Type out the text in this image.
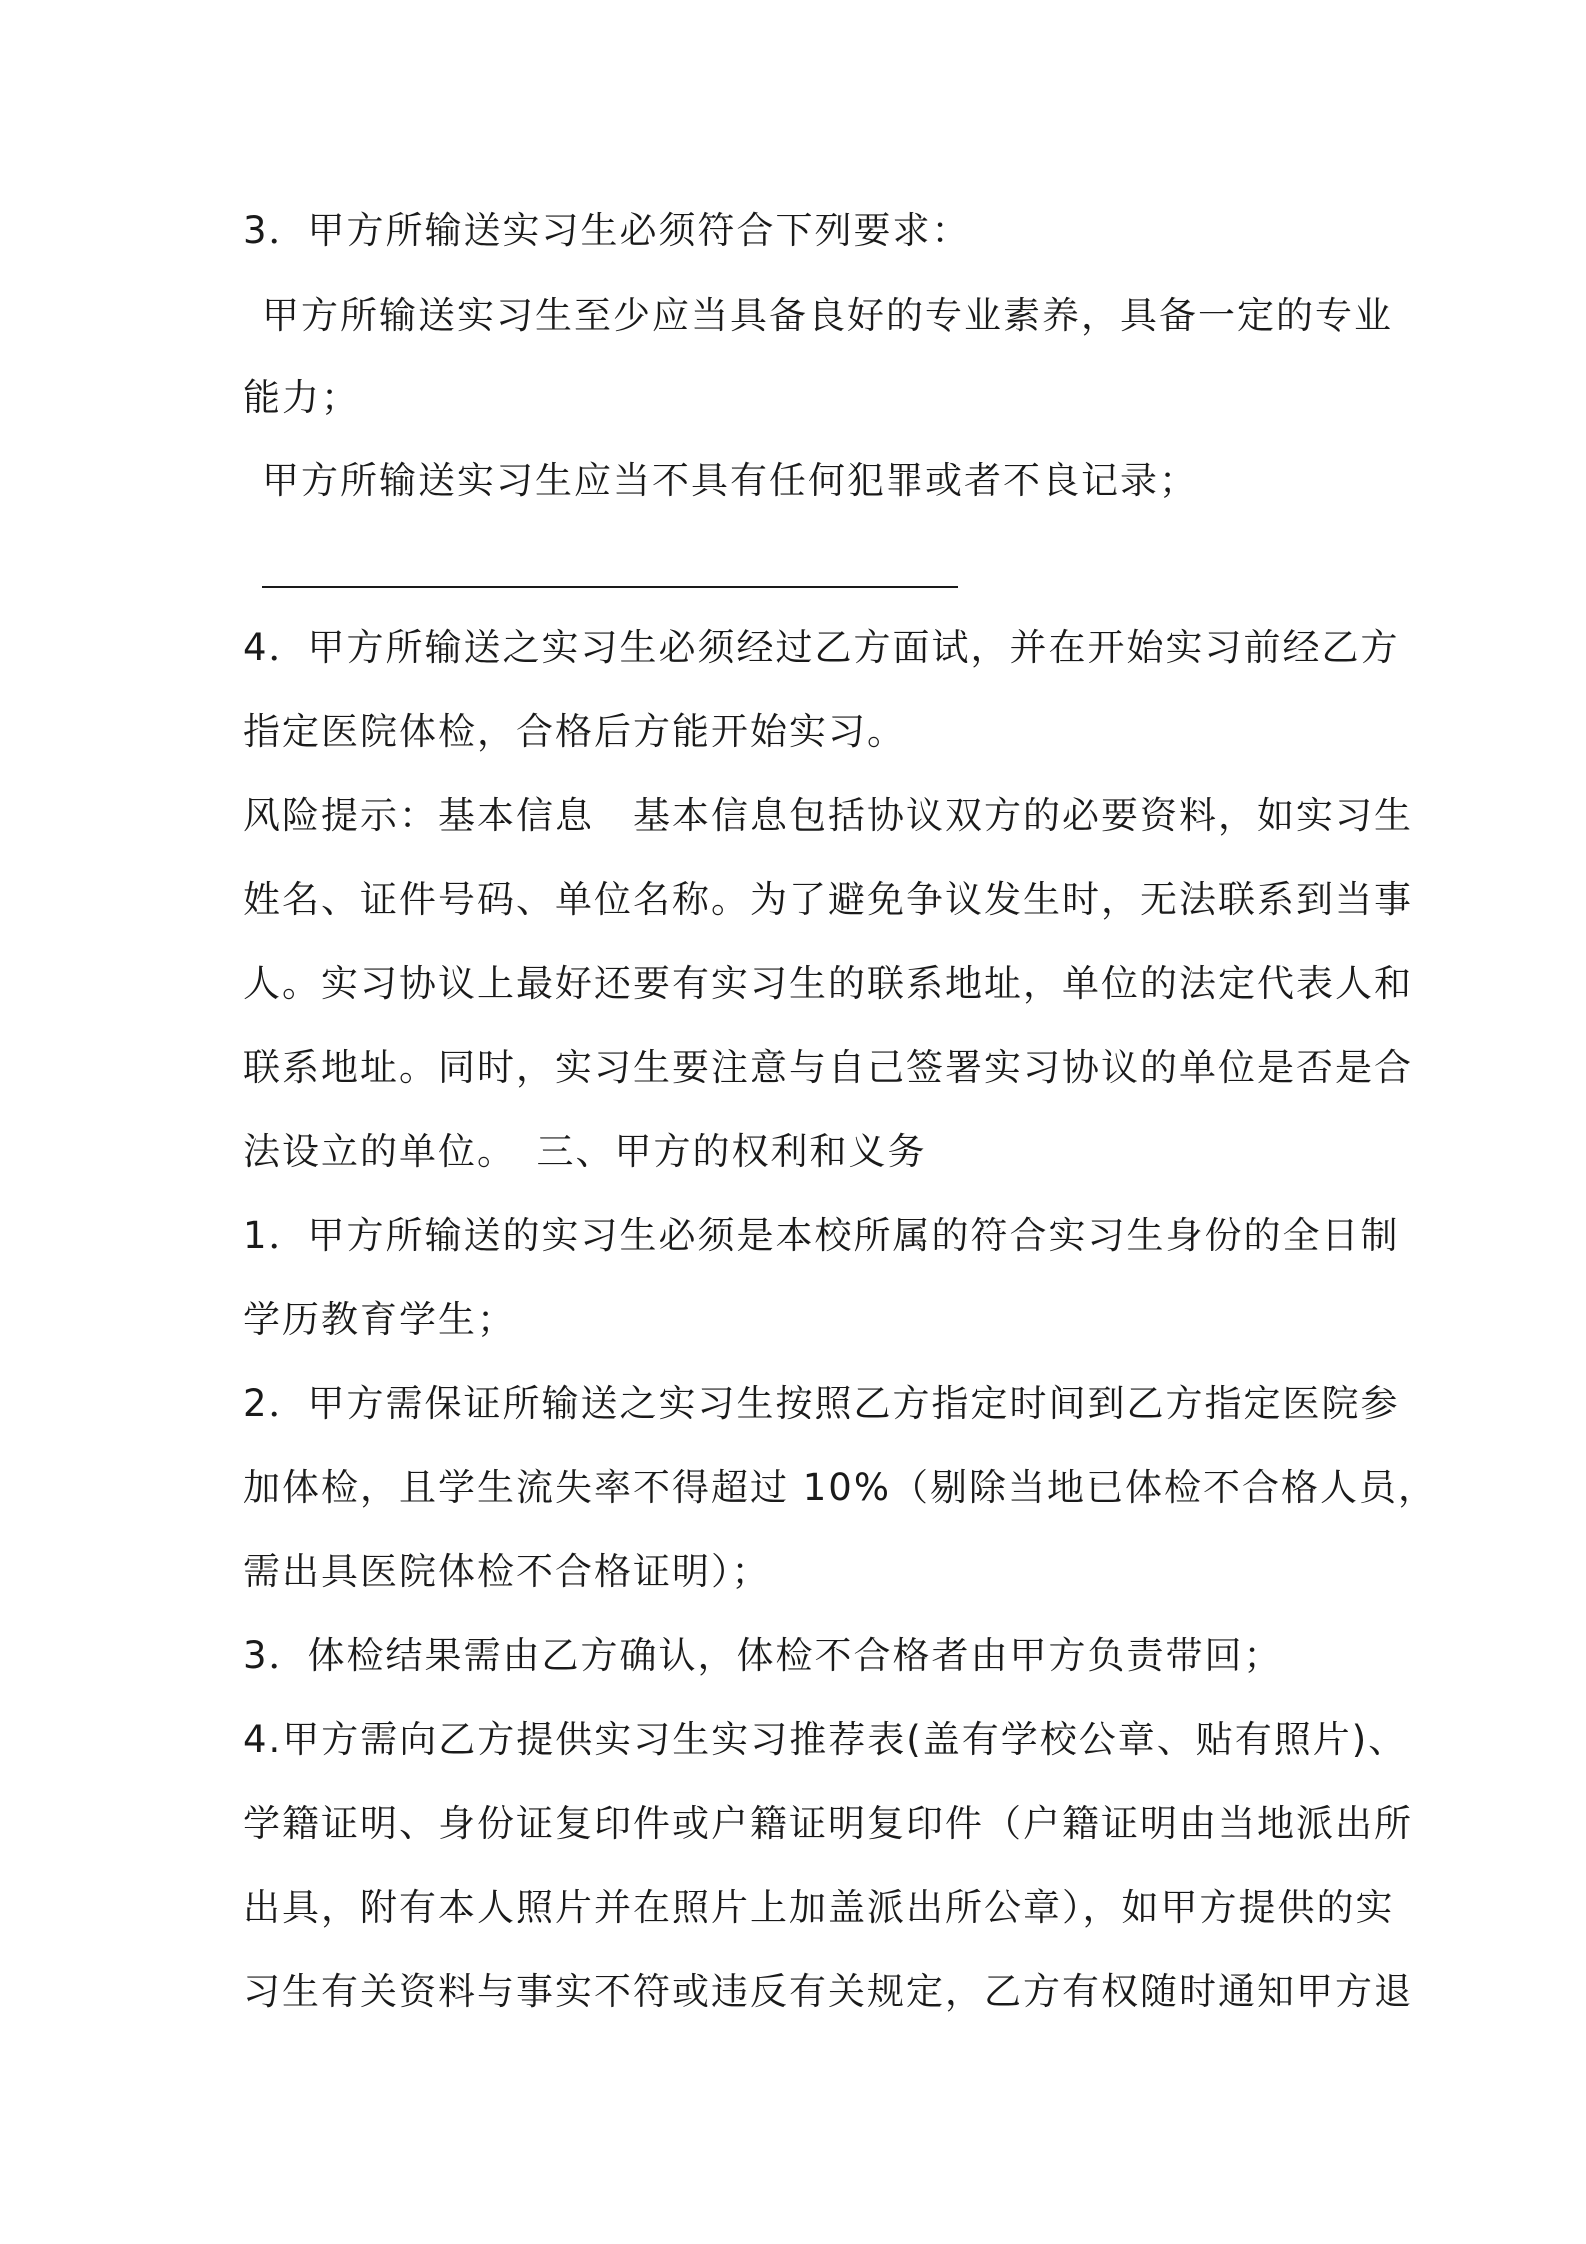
3．甲方所输送实习生必须符合下列要求：
甲方所输送实习生至少应当具备良好的专业素养，具备一定的专业
能力；
甲方所输送实习生应当不具有任何犯罪或者不良记录；
4．甲方所输送之实习生必须经过乙方面试，并在开始实习前经乙方
指定医院体检，合格后方能开始实习。
风险提示：基本信息　基本信息包括协议双方的必要资料，如实习生
姓名、证件号码、单位名称。为了避免争议发生时，无法联系到当事
人。实习协议上最好还要有实习生的联系地址，单位的法定代表人和
联系地址。同时，实习生要注意与自己签署实习协议的单位是否是合
法设立的单位。　三、甲方的权利和义务
1．甲方所输送的实习生必须是本校所属的符合实习生身份的全日制
学历教育学生；
2．甲方需保证所输送之实习生按照乙方指定时间到乙方指定医院参
加体检，且学生流失率不得超过 10%（剔除当地已体检不合格人员，
需出具医院体检不合格证明）；
3．体检结果需由乙方确认，体检不合格者由甲方负责带回；
4.甲方需向乙方提供实习生实习推荐表(盖有学校公章、贴有照片)、
学籍证明、身份证复印件或户籍证明复印件（户籍证明由当地派出所
出具，附有本人照片并在照片上加盖派出所公章），如甲方提供的实
习生有关资料与事实不符或违反有关规定，乙方有权随时通知甲方退
